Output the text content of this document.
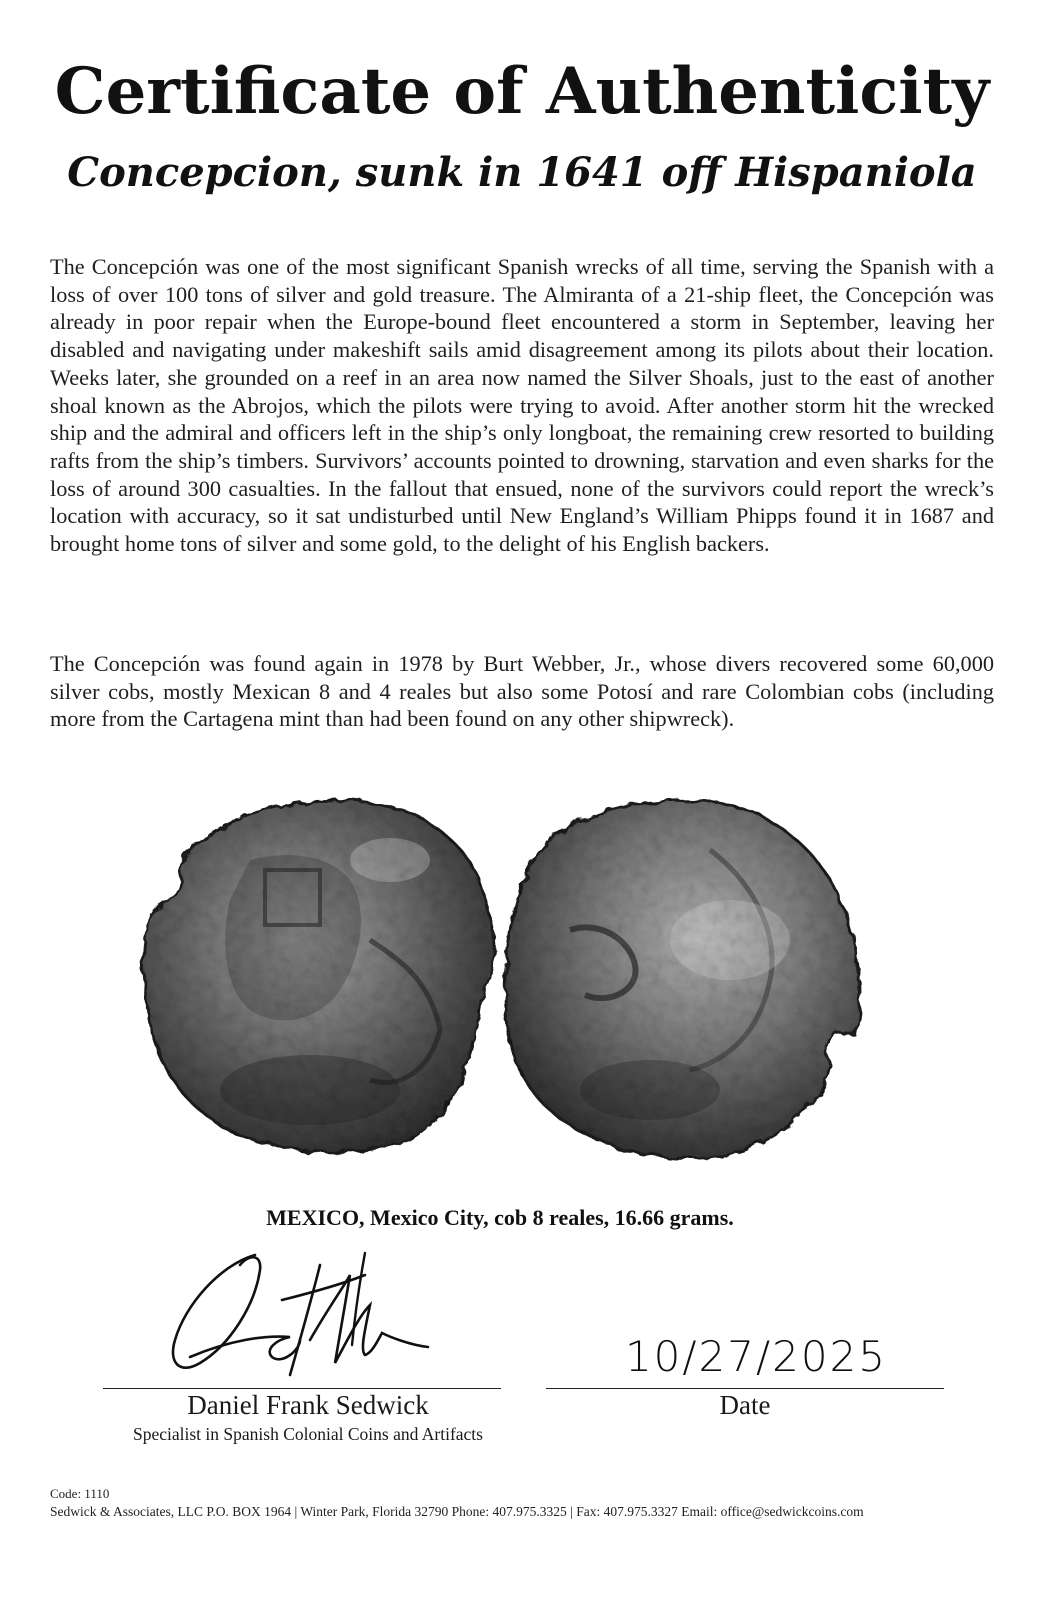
Certificate of Authenticity
Concepcion, sunk in 1641 off Hispaniola

The Concepción was one of the most significant Spanish wrecks of all time, serving the Spanish with a loss of over 100 tons of silver and gold treasure. The Almiranta of a 21-ship fleet, the Concepción was already in poor repair when the Europe-bound fleet encountered a storm in September, leaving her disabled and navigating under makeshift sails amid disagreement among its pilots about their location. Weeks later, she grounded on a reef in an area now named the Silver Shoals, just to the east of another shoal known as the Abrojos, which the pilots were trying to avoid. After another storm hit the wrecked ship and the admiral and officers left in the ship’s only longboat, the remaining crew resorted to building rafts from the ship’s timbers. Survivors’ accounts pointed to drowning, starvation and even sharks for the loss of around 300 casualties. In the fallout that ensued, none of the survivors could report the wreck’s location with accuracy, so it sat undisturbed until New England’s William Phipps found it in 1687 and brought home tons of silver and some gold, to the delight of his English backers.

The Concepción was found again in 1978 by Burt Webber, Jr., whose divers recovered some 60,000 silver cobs, mostly Mexican 8 and 4 reales but also some Potosí and rare Colombian cobs (including more from the Cartagena mint than had been found on any other shipwreck).

MEXICO, Mexico City, cob 8 reales, 16.66 grams.

10/27/2025

Daniel Frank Sedwick

Specialist in Spanish Colonial Coins and Artifacts

Date

Code: 1110

Sedwick & Associates, LLC P.O. BOX 1964 | Winter Park, Florida 32790 Phone: 407.975.3325 | Fax: 407.975.3327 Email: office@sedwickcoins.com
